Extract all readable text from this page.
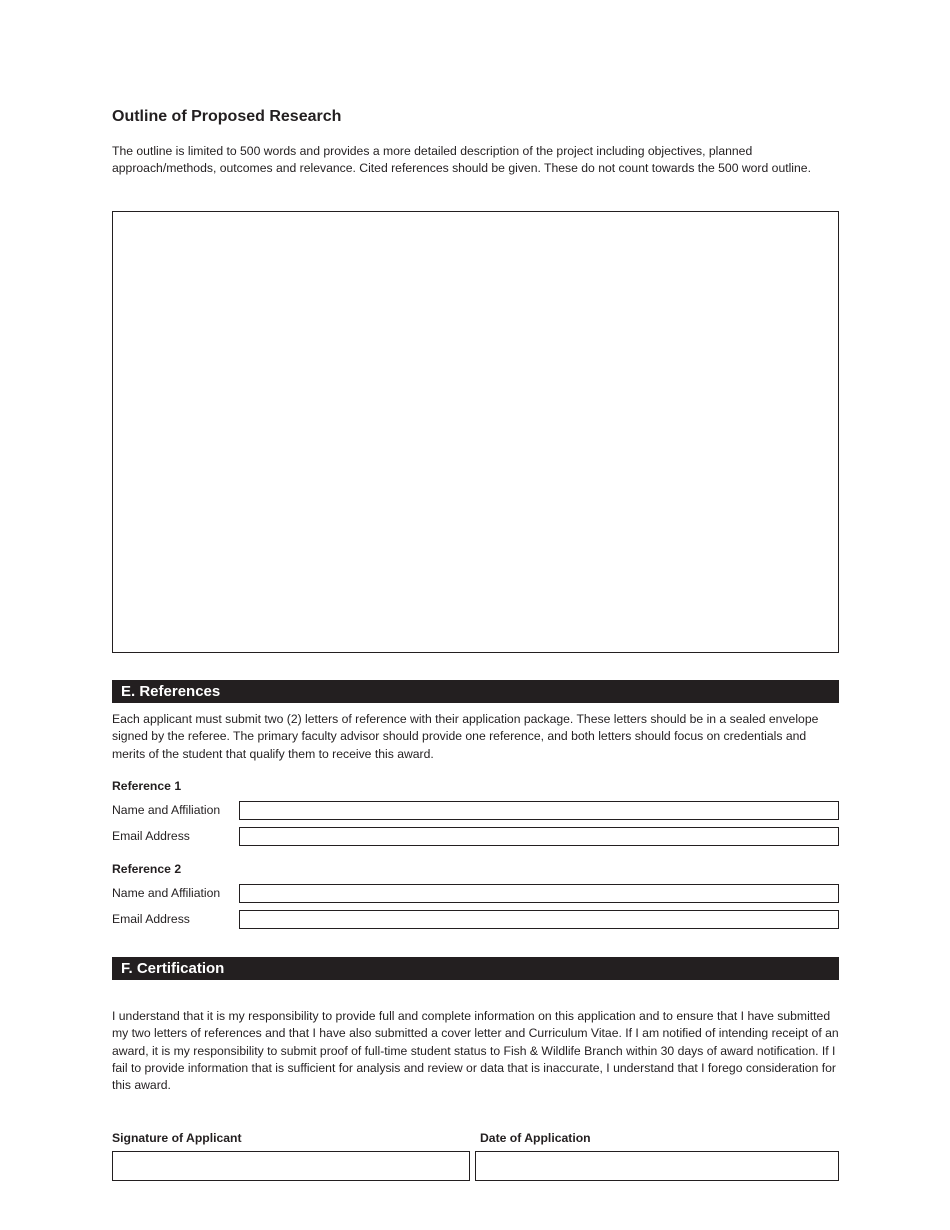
Outline of Proposed Research
The outline is limited to 500 words and provides a more detailed description of the project including objectives, planned approach/methods, outcomes and relevance. Cited references should be given. These do not count towards the 500 word outline.
E. References
Each applicant must submit two (2) letters of reference with their application package. These letters should be in a sealed envelope signed by the referee. The primary faculty advisor should provide one reference, and both letters should focus on credentials and merits of the student that qualify them to receive this award.
Reference 1
Name and Affiliation
Email Address
Reference 2
Name and Affiliation
Email Address
F. Certification
I understand that it is my responsibility to provide full and complete information on this application and to ensure that I have submitted my two letters of references and that I have also submitted a cover letter and Curriculum Vitae. If I am notified of intending receipt of an award, it is my responsibility to submit proof of full-time student status to Fish & Wildlife Branch within 30 days of award notification. If I fail to provide information that is sufficient for analysis and review or data that is inaccurate, I understand that I forego consideration for this award.
Signature of Applicant	Date of Application
